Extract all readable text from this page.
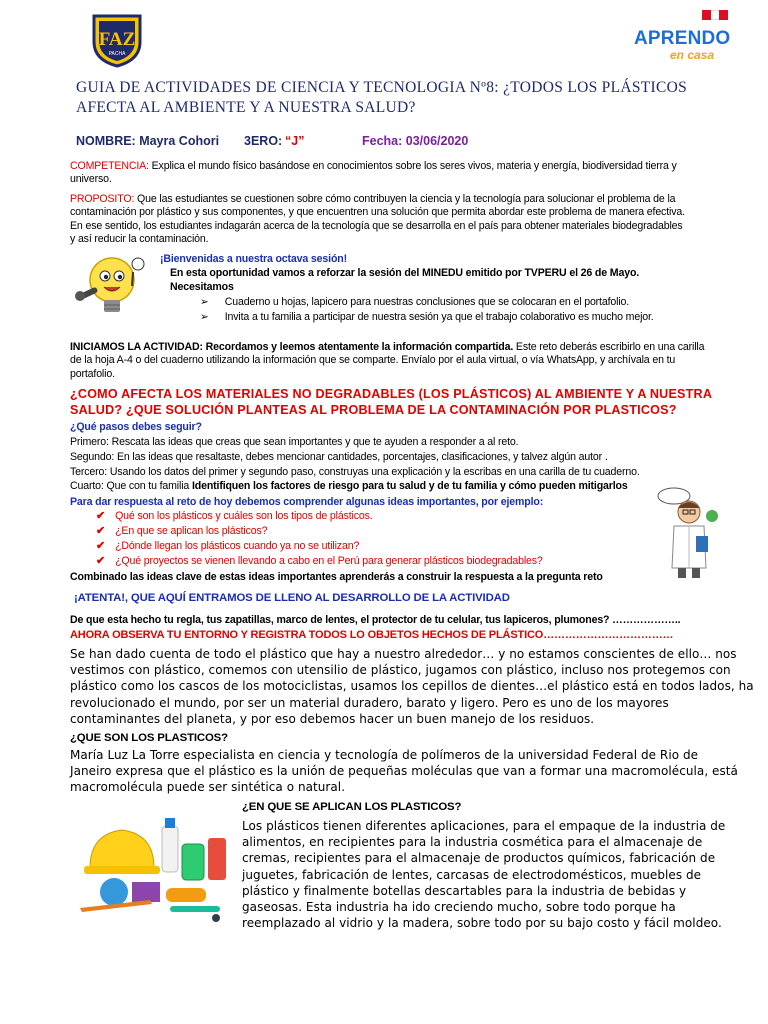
FAZ
PACHA
APRENDO
en casa
GUIA DE ACTIVIDADES DE CIENCIA Y TECNOLOGIA Nº8: ¿TODOS LOS PLÁSTICOS
AFECTA AL AMBIENTE Y A NUESTRA SALUD?
NOMBRE: Mayra Cohori 3ERO: “J”	Fecha: 03/06/2020
COMPETENCIA: Explica el mundo físico basándose en conocimientos sobre los seres vivos, materia y energía, biodiversidad tierra y
universo.
PROPOSITO: Que las estudiantes se cuestionen sobre cómo contribuyen la ciencia y la tecnología para solucionar el problema de la
contaminación por plástico y sus componentes, y que encuentren una solución que permita abordar este problema de manera efectiva.
En ese sentido, los estudiantes indagarán acerca de la tecnología que se desarrolla en el país para obtener materiales biodegradables
y así reducir la contaminación.
¡Bienvenidas a nuestra octava sesión!
En esta oportunidad vamos a reforzar la sesión del MINEDU emitido por TVPERU el 26 de Mayo.
Necesitamos
➢ Cuaderno u hojas, lapicero para nuestras conclusiones que se colocaran en el portafolio.
➢ Invita a tu familia a participar de nuestra sesión ya que el trabajo colaborativo es mucho mejor.
INICIAMOS LA ACTIVIDAD: Recordamos y leemos atentamente la información compartida. Este reto deberás escribirlo en una carilla
de la hoja A-4 o del cuaderno utilizando la información que se comparte. Envíalo por el aula virtual, o vía WhatsApp, y archívala en tu
portafolio.
¿COMO AFECTA LOS MATERIALES NO DEGRADABLES (LOS PLÁSTICOS) AL AMBIENTE Y A NUESTRA
SALUD? ¿QUE SOLUCIÓN PLANTEAS AL PROBLEMA DE LA CONTAMINACIÓN POR PLASTICOS?
¿Qué pasos debes seguir?
Primero: Rescata las ideas que creas que sean importantes y que te ayuden a responder a al reto.
Segundo: En las ideas que resaltaste, debes mencionar cantidades, porcentajes, clasificaciones, y talvez algún autor .
Tercero: Usando los datos del primer y segundo paso, construyas una explicación y la escribas en una carilla de tu cuaderno.
Cuarto: Que con tu familia Identifiquen los factores de riesgo para tu salud y de tu familia y cómo pueden mitigarlos
Para dar respuesta al reto de hoy debemos comprender algunas ideas importantes, por ejemplo:
✔ Qué son los plásticos y cuáles son los tipos de plásticos.
✔ ¿En que se aplican los plásticos?
✔ ¿Dónde llegan los plásticos cuando ya no se utilizan?
✔ ¿Qué proyectos se vienen llevando a cabo en el Perú para generar plásticos biodegradables?
Combinado las ideas clave de estas ideas importantes aprenderás a construir la respuesta a la pregunta reto
¡ATENTA!, QUE AQUÍ ENTRAMOS DE LLENO AL DESARROLLO DE LA ACTIVIDAD
De que esta hecho tu regla, tus zapatillas, marco de lentes, el protector de tu celular, tus lapiceros, plumones? ………………..
AHORA OBSERVA TU ENTORNO Y REGISTRA TODOS LO OBJETOS HECHOS DE PLÁSTICO………………………………
Se han dado cuenta de todo el plástico que hay a nuestro alrededor… y no estamos conscientes de ello… nos
vestimos con plástico, comemos con utensilio de plástico, jugamos con plástico, incluso nos protegemos con
plástico como los cascos de los motociclistas, usamos los cepillos de dientes…el plástico está en todos lados, ha
revolucionado el mundo, por ser un material duradero, barato y ligero. Pero es uno de los mayores
contaminantes del planeta, y por eso debemos hacer un buen manejo de los residuos.
¿QUE SON LOS PLASTICOS?
María Luz La Torre especialista en ciencia y tecnología de polímeros de la universidad Federal de Rio de
Janeiro expresa que el plástico es la unión de pequeñas moléculas que van a formar una macromolécula, está
macromolécula puede ser sintética o natural.
¿EN QUE SE APLICAN LOS PLASTICOS?
Los plásticos tienen diferentes aplicaciones, para el empaque de la industria de
alimentos, en recipientes para la industria cosmética para el almacenaje de
cremas, recipientes para el almacenaje de productos químicos, fabricación de
juguetes, fabricación de lentes, carcasas de electrodomésticos, muebles de
plástico y finalmente botellas descartables para la industria de bebidas y
gaseosas. Esta industria ha ido creciendo mucho, sobre todo porque ha
reemplazado al vidrio y la madera, sobre todo por su bajo costo y fácil moldeo.
